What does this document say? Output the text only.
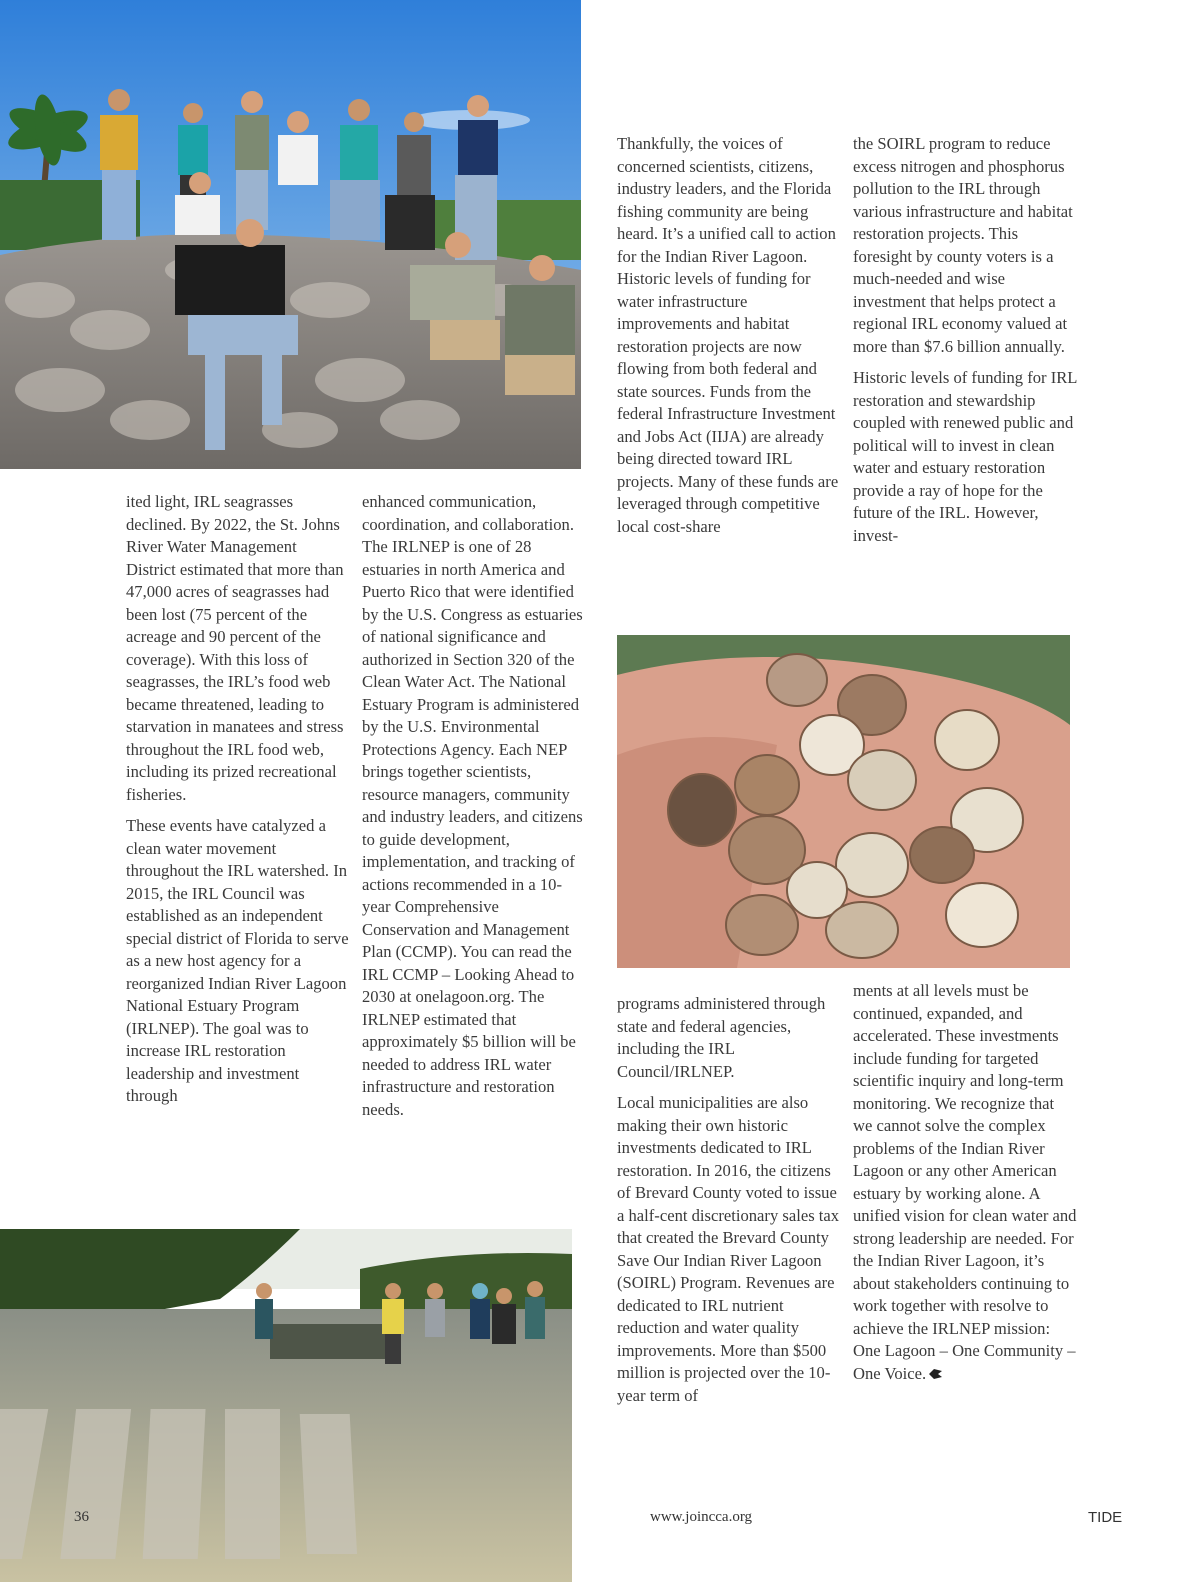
ited light, IRL seagrasses declined. By 2022, the St. Johns River Water Management District estimated that more than 47,000 acres of seagrasses had been lost (75 percent of the acreage and 90 percent of the coverage). With this loss of seagrasses, the IRL’s food web became threatened, leading to starvation in manatees and stress throughout the IRL food web, including its prized recreational fisheries.

These events have catalyzed a clean water movement throughout the IRL watershed. In 2015, the IRL Council was established as an independent special district of Florida to serve as a new host agency for a reorganized Indian River Lagoon National Estuary Program (IRLNEP). The goal was to increase IRL restoration leadership and investment through

enhanced communication, coordination, and collaboration. The IRLNEP is one of 28 estuaries in north America and Puerto Rico that were identified by the U.S. Congress as estuaries of national significance and authorized in Section 320 of the Clean Water Act. The National Estuary Program is administered by the U.S. Environmental Protections Agency. Each NEP brings together scientists, resource managers, community and industry leaders, and citizens to guide development, implementation, and tracking of actions recommended in a 10-year Comprehensive Conservation and Management Plan (CCMP). You can read the IRL CCMP – Looking Ahead to 2030 at onelagoon.org. The IRLNEP estimated that approximately $5 billion will be needed to address IRL water infrastructure and restoration needs.

Thankfully, the voices of concerned scientists, citizens, industry leaders, and the Florida fishing community are being heard. It’s a unified call to action for the Indian River Lagoon. Historic levels of funding for water infrastructure improvements and habitat restoration projects are now flowing from both federal and state sources. Funds from the federal Infrastructure Investment and Jobs Act (IIJA) are already being directed toward IRL projects. Many of these funds are leveraged through competitive local cost-share

the SOIRL program to reduce excess nitrogen and phosphorus pollution to the IRL through various infrastructure and habitat restoration projects. This foresight by county voters is a much-needed and wise investment that helps protect a regional IRL economy valued at more than $7.6 billion annually.

Historic levels of funding for IRL restoration and stewardship coupled with renewed public and political will to invest in clean water and estuary restoration provide a ray of hope for the future of the IRL. However, invest-

programs administered through state and federal agencies, including the IRL Council/IRLNEP.

Local municipalities are also making their own historic investments dedicated to IRL restoration. In 2016, the citizens of Brevard County voted to issue a half-cent discretionary sales tax that created the Brevard County Save Our Indian River Lagoon (SOIRL) Program. Revenues are dedicated to IRL nutrient reduction and water quality improvements. More than $500 million is projected over the 10-year term of

ments at all levels must be continued, expanded, and accelerated. These investments include funding for targeted scientific inquiry and long-term monitoring. We recognize that we cannot solve the complex problems of the Indian River Lagoon or any other American estuary by working alone. A unified vision for clean water and strong leadership are needed. For the Indian River Lagoon, it’s about stakeholders continuing to work together with resolve to achieve the IRLNEP mission: One Lagoon – One Community – One Voice.

36	www.joincca.org	TIDE
